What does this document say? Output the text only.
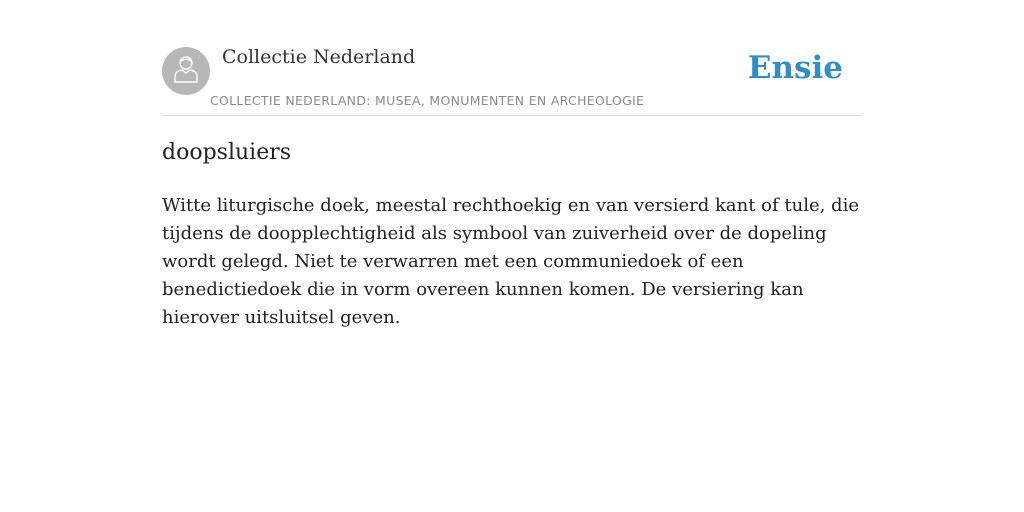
Collectie Nederland
COLLECTIE NEDERLAND: MUSEA, MONUMENTEN EN ARCHEOLOGIE
Ensie
doopsluiers

Witte liturgische doek, meestal rechthoekig en van versierd kant of tule, die tijdens de doopplechtigheid als symbool van zuiverheid over de dopeling wordt gelegd. Niet te verwarren met een communiedoek of een benedictiedoek die in vorm overeen kunnen komen. De versiering kan hierover uitsluitsel geven.
